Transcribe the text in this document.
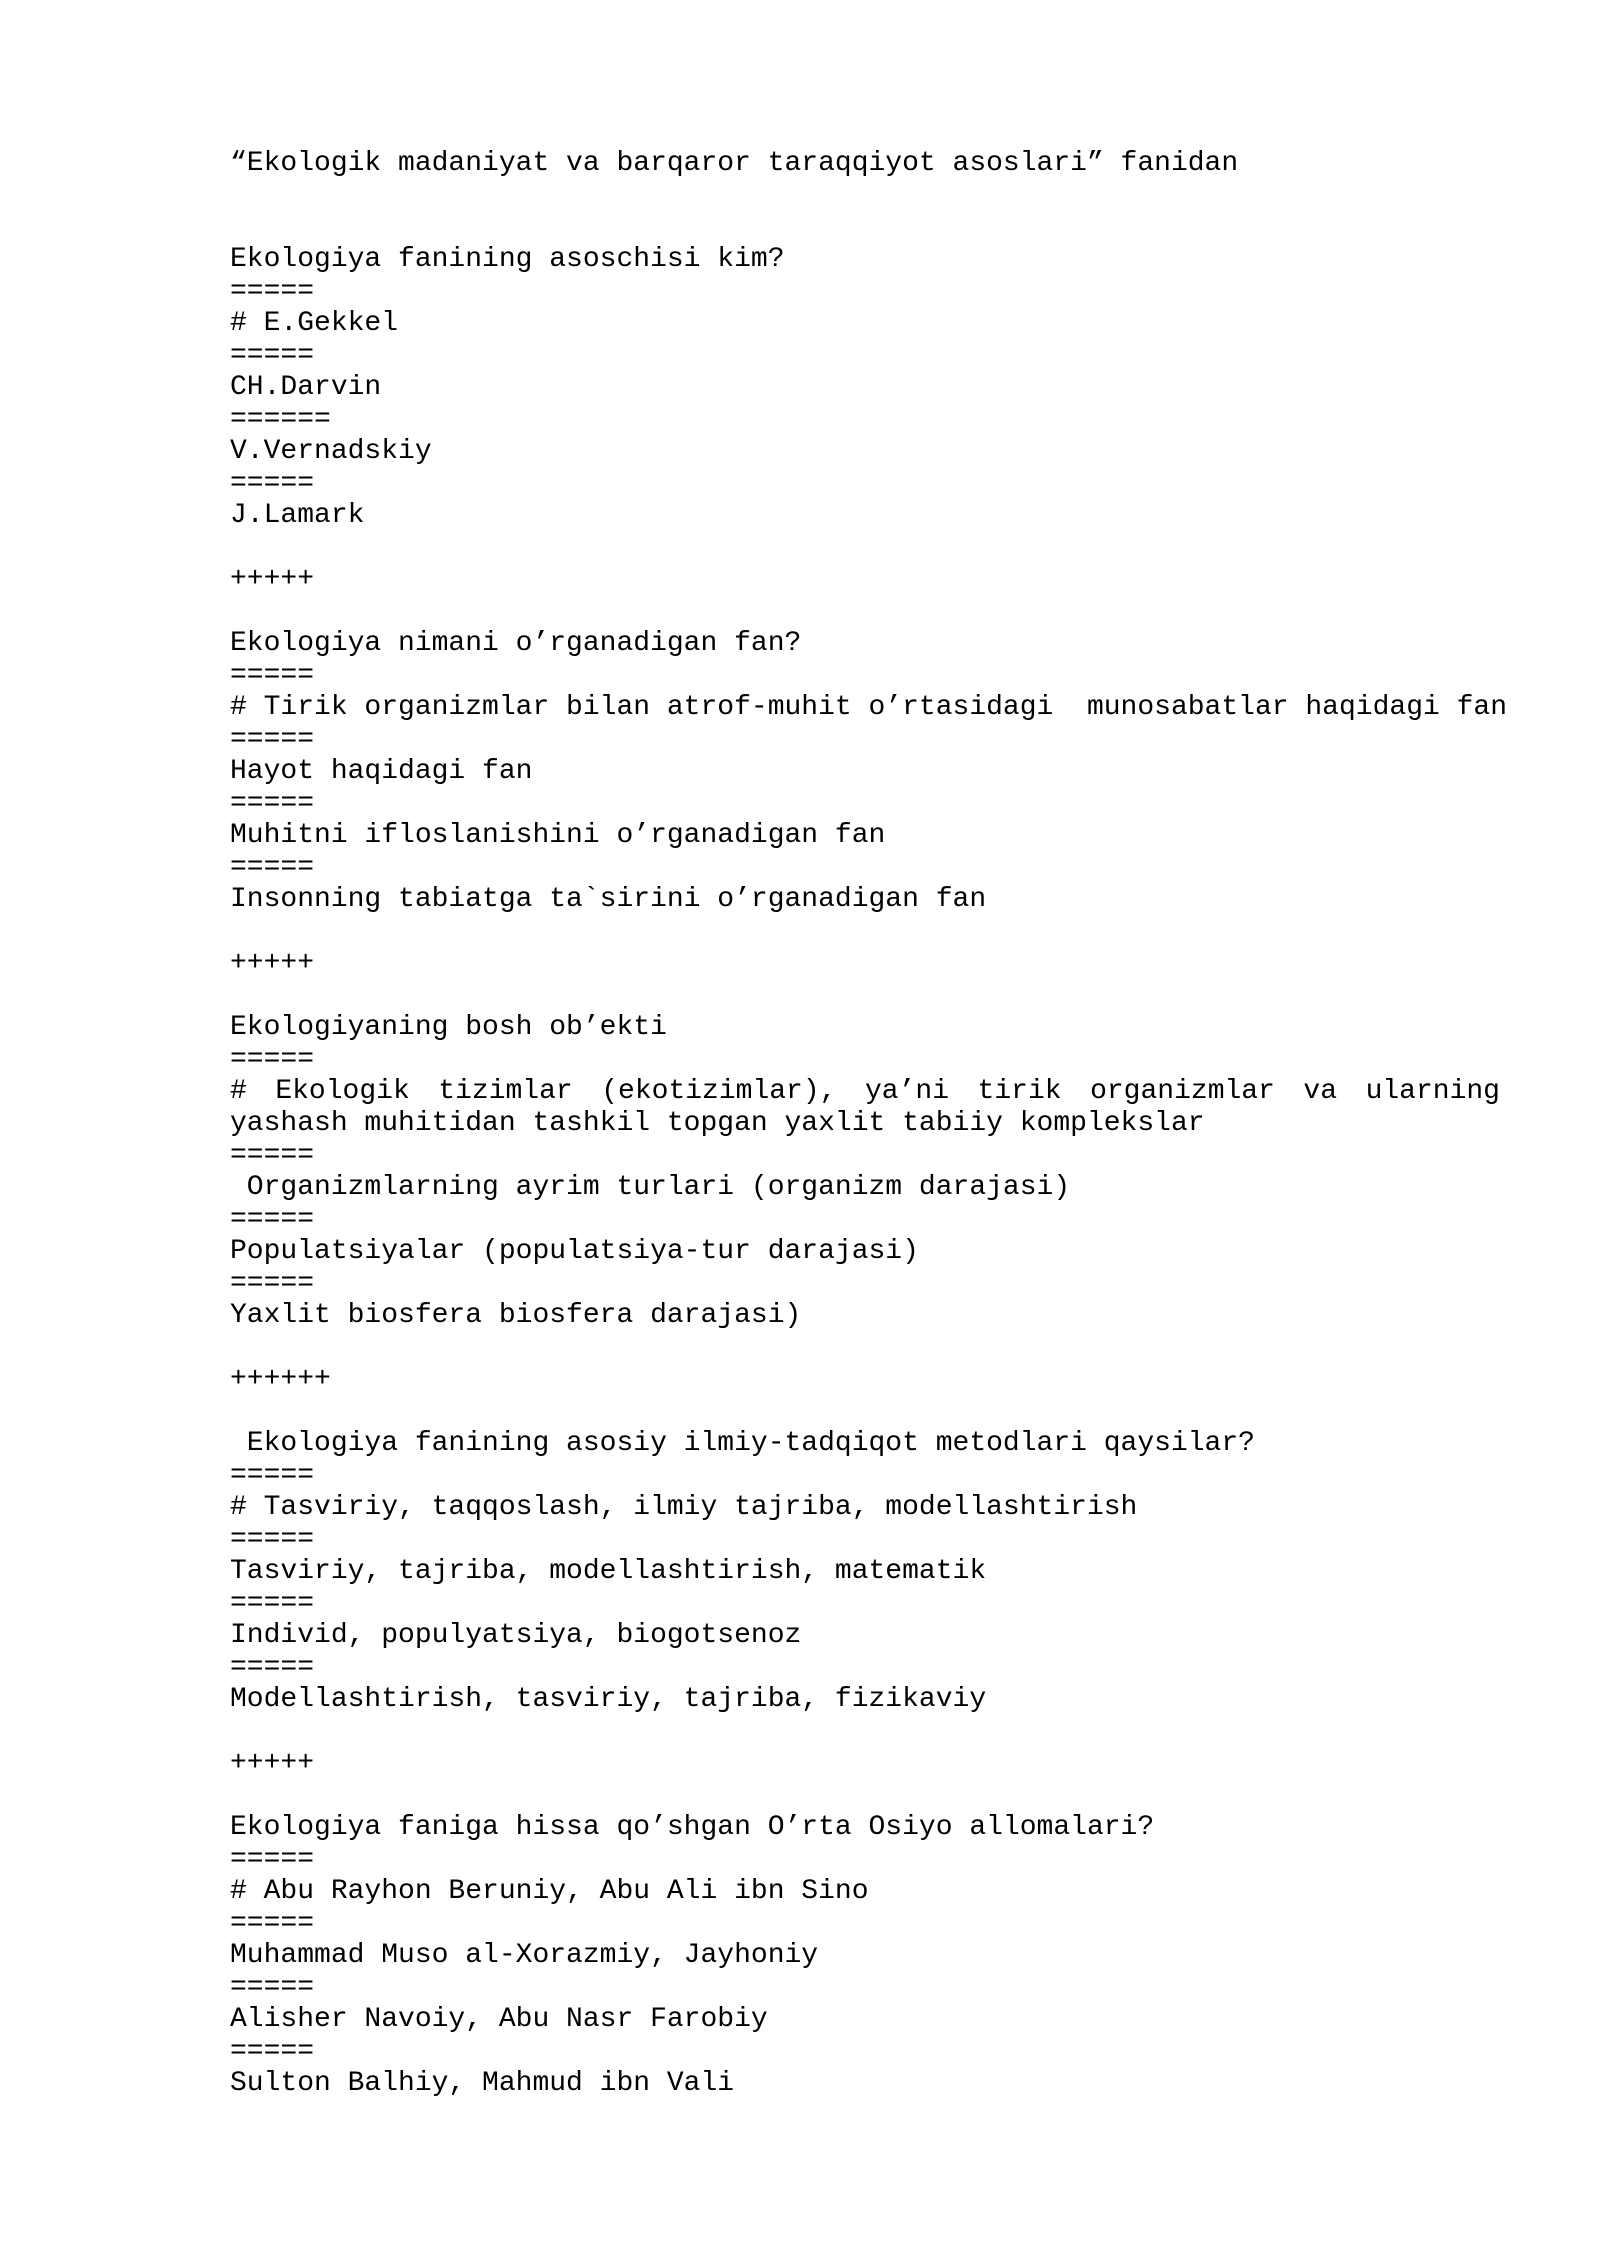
“Ekologik madaniyat va barqaror taraqqiyot asoslari” fanidan

Ekologiya fanining asoschisi kim?

=====

# E.Gekkel

=====

CH.Darvin

======

V.Vernadskiy

=====

J.Lamark

+++++

Ekologiya nimani o’rganadigan fan?

=====

# Tirik organizmlar bilan atrof-muhit o’rtasidagi  munosabatlar haqidagi fan

=====

Hayot haqidagi fan

=====

Muhitni ifloslanishini o’rganadigan fan

=====

Insonning tabiatga ta`sirini o’rganadigan fan

+++++

Ekologiyaning bosh ob’ekti

=====

# Ekologik tizimlar (ekotizimlar), ya’ni tirik organizmlar va ularning yashash muhitidan tashkil topgan yaxlit tabiiy komplekslar

=====

Organizmlarning ayrim turlari (organizm darajasi)

=====

Populatsiyalar (populatsiya-tur darajasi)

=====

Yaxlit biosfera biosfera darajasi)

++++++

Ekologiya fanining asosiy ilmiy-tadqiqot metodlari qaysilar?

=====

# Tasviriy, taqqoslash, ilmiy tajriba, modellashtirish

=====

Tasviriy, tajriba, modellashtirish, matematik

=====

Individ, populyatsiya, biogotsenoz

=====

Modellashtirish, tasviriy, tajriba, fizikaviy

+++++

Ekologiya faniga hissa qo’shgan O’rta Osiyo allomalari?

=====

# Abu Rayhon Beruniy, Abu Ali ibn Sino

=====

Muhammad Muso al-Xorazmiy, Jayhoniy

=====

Alisher Navoiy, Abu Nasr Farobiy

=====

Sulton Balhiy, Mahmud ibn Vali
